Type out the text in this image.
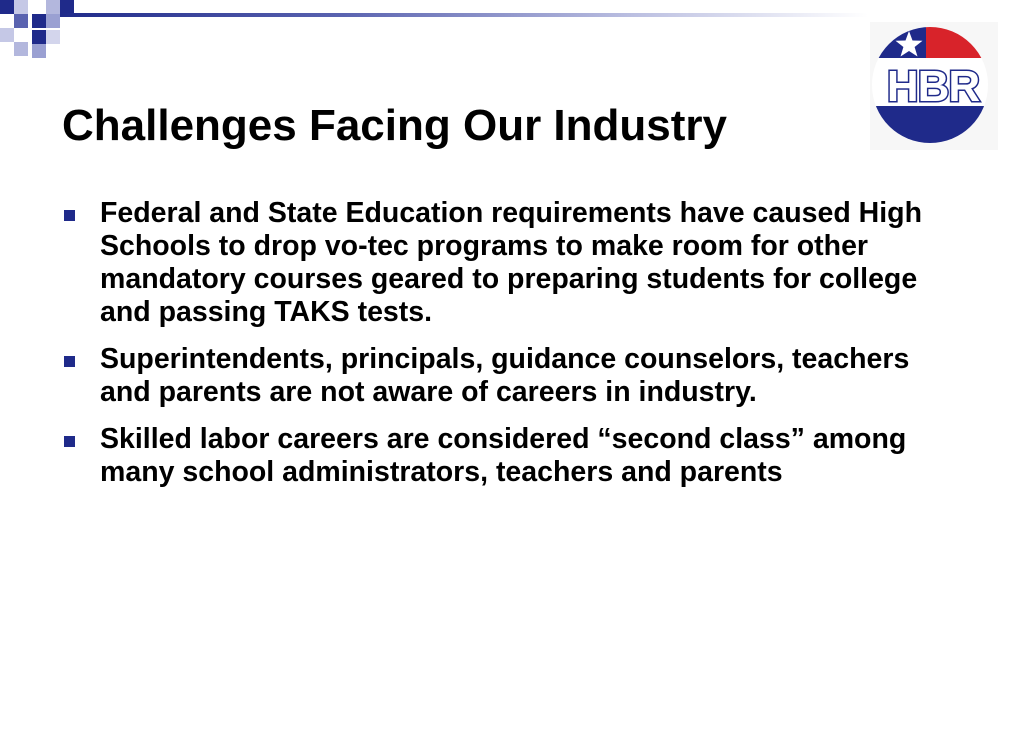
HBR
Challenges Facing Our Industry
Federal and State Education requirements have caused High Schools to drop vo-tec programs to make room for other mandatory courses geared to preparing students for college and passing TAKS tests.
Superintendents, principals, guidance counselors, teachers and parents are not aware of careers in industry.
Skilled labor careers are considered “second class” among many school administrators, teachers and parents
